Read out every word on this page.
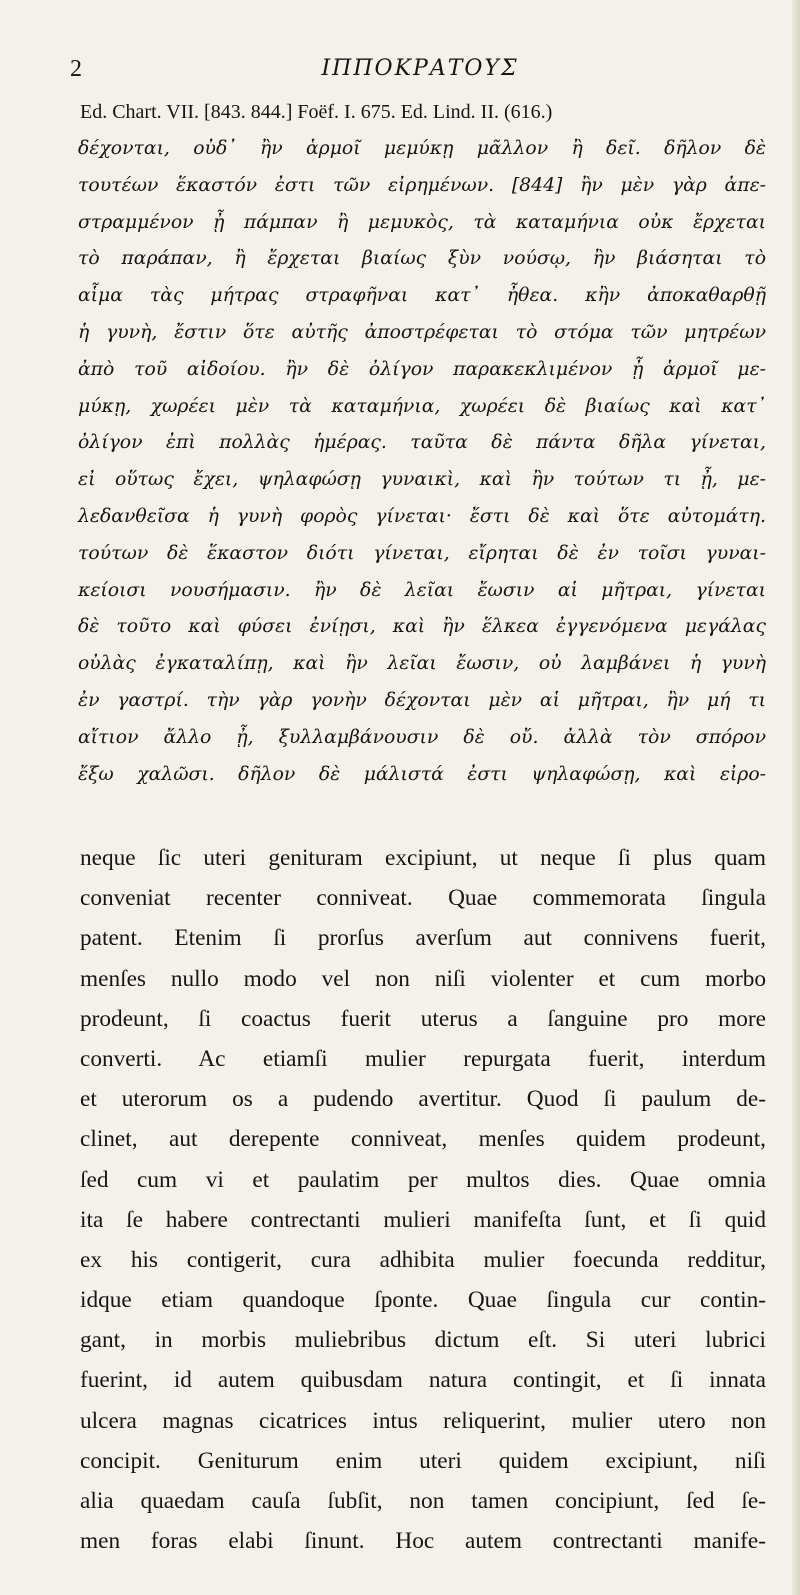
2	ΙΠΠΟΚΡΑΤΟΥΣ
Ed. Chart. VII. [843. 844.] Foëf. I. 675. Ed. Lind. II. (616.)
δέχονται, οὐδ᾽ ἢν ἁρμοῖ μεμύκῃ μᾶλλον ἢ δεῖ. δῆλον δὲ
τουτέων ἕκαστόν ἐστι τῶν εἰρημένων. [844] ἢν μὲν γὰρ ἀπε-
στραμμένον ᾖ πάμπαν ἢ μεμυκὸς, τὰ καταμήνια οὐκ ἔρχεται
τὸ παράπαν, ἢ ἔρχεται βιαίως ξὺν νούσῳ, ἢν βιάσηται τὸ
αἷμα τὰς μήτρας στραφῆναι κατ᾽ ἦθεα. κἢν ἀποκαθαρθῇ
ἡ γυνὴ, ἔστιν ὅτε αὐτῆς ἀποστρέφεται τὸ στόμα τῶν μητρέων
ἀπὸ τοῦ αἰδοίου. ἢν δὲ ὀλίγον παρακεκλιμένον ᾖ ἁρμοῖ με-
μύκῃ, χωρέει μὲν τὰ καταμήνια, χωρέει δὲ βιαίως καὶ κατ᾽
ὀλίγον ἐπὶ πολλὰς ἡμέρας. ταῦτα δὲ πάντα δῆλα γίνεται,
εἰ οὕτως ἔχει, ψηλαφώσῃ γυναικὶ, καὶ ἢν τούτων τι ᾖ, με-
λεδανθεῖσα ἡ γυνὴ φορὸς γίνεται· ἔστι δὲ καὶ ὅτε αὐτομάτη.
τούτων δὲ ἕκαστον διότι γίνεται, εἴρηται δὲ ἐν τοῖσι γυναι-
κείοισι νουσήμασιν. ἢν δὲ λεῖαι ἔωσιν αἱ μῆτραι, γίνεται
δὲ τοῦτο καὶ φύσει ἐνίῃσι, καὶ ἢν ἕλκεα ἐγγενόμενα μεγάλας
οὐλὰς ἐγκαταλίπῃ, καὶ ἢν λεῖαι ἔωσιν, οὐ λαμβάνει ἡ γυνὴ
ἐν γαστρί. τὴν γὰρ γονὴν δέχονται μὲν αἱ μῆτραι, ἢν μή τι
αἴτιον ἄλλο ᾖ, ξυλλαμβάνουσιν δὲ οὔ. ἀλλὰ τὸν σπόρον
ἔξω χαλῶσι. δῆλον δὲ μάλιστά ἐστι ψηλαφώσῃ, καὶ εἰρο-
neque ſic uteri genituram excipiunt, ut neque ſi plus quam
conveniat recenter conniveat. Quae commemorata ſingula
patent. Etenim ſi prorſus averſum aut connivens fuerit,
menſes nullo modo vel non niſi violenter et cum morbo
prodeunt, ſi coactus fuerit uterus a ſanguine pro more
converti. Ac etiamſi mulier repurgata fuerit, interdum
et uterorum os a pudendo avertitur. Quod ſi paulum de-
clinet, aut derepente conniveat, menſes quidem prodeunt,
ſed cum vi et paulatim per multos dies. Quae omnia
ita ſe habere contrectanti mulieri manifeſta ſunt, et ſi quid
ex his contigerit, cura adhibita mulier foecunda redditur,
idque etiam quandoque ſponte. Quae ſingula cur contin-
gant, in morbis muliebribus dictum eſt. Si uteri lubrici
fuerint, id autem quibusdam natura contingit, et ſi innata
ulcera magnas cicatrices intus reliquerint, mulier utero non
concipit. Geniturum enim uteri quidem excipiunt, niſi
alia quaedam cauſa ſubſit, non tamen concipiunt, ſed ſe-
men foras elabi ſinunt. Hoc autem contrectanti manife-
